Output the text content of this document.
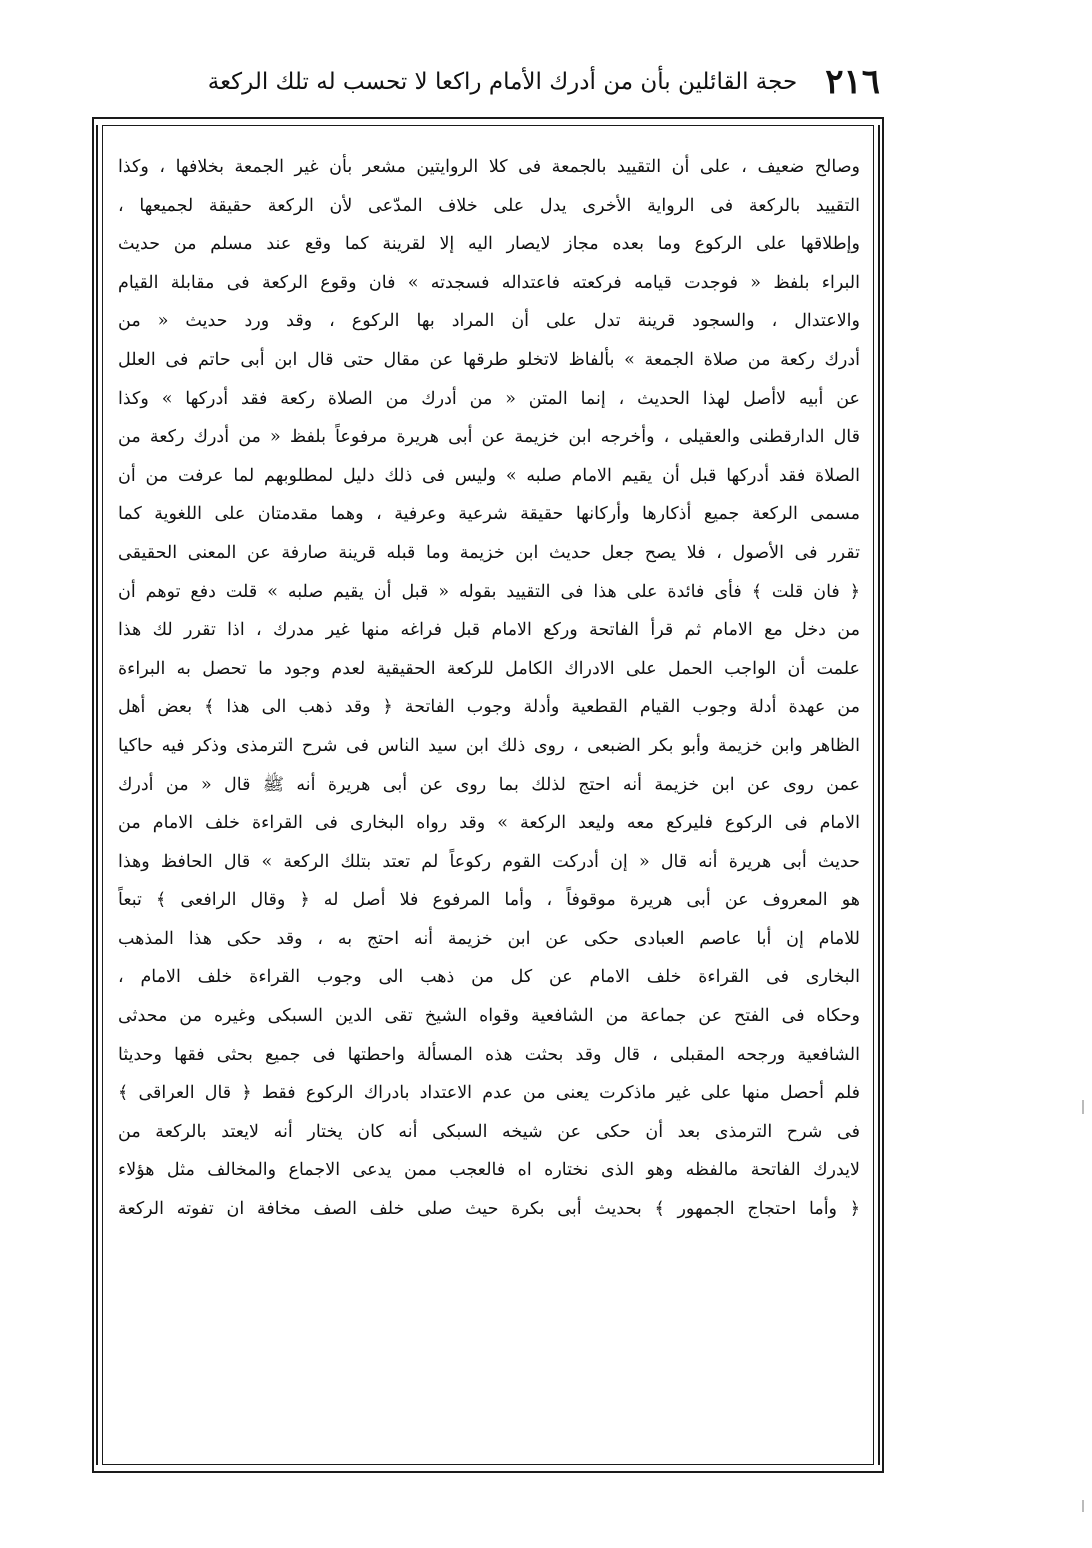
٢١٦
حجة القائلين بأن من أدرك الأمام راكعا لا تحسب له تلك الركعة
وصالح ضعيف ، على أن التقييد بالجمعة فى كلا الروايتين مشعر بأن غير الجمعة بخلافها ، وكذا
التقييد بالركعة فى الرواية الأخرى يدل على خلاف المدّعى لأن الركعة حقيقة لجميعها ،
وإطلاقها على الركوع وما بعده مجاز لايصار اليه إلا لقرينة كما وقع عند مسلم من حديث
البراء بلفظ « فوجدت قيامه فركعته فاعتداله فسجدته » فان وقوع الركعة فى مقابلة القيام
والاعتدال ، والسجود قرينة تدل على أن المراد بها الركوع ، وقد ورد حديث « من
أدرك ركعة من صلاة الجمعة » بألفاظ لاتخلو طرقها عن مقال حتى قال ابن أبى حاتم فى العلل
عن أبيه لاأصل لهذا الحديث ، إنما المتن « من أدرك من الصلاة ركعة فقد أدركها » وكذا
قال الدارقطنى والعقيلى ، وأخرجه ابن خزيمة عن أبى هريرة مرفوعاً بلفظ « من أدرك ركعة من
الصلاة فقد أدركها قبل أن يقيم الامام صلبه » وليس فى ذلك دليل لمطلوبهم لما عرفت من أن
مسمى الركعة جميع أذكارها وأركانها حقيقة شرعية وعرفية ، وهما مقدمتان على اللغوية كما
تقرر فى الأصول ، فلا يصح جعل حديث ابن خزيمة وما قبله قرينة صارفة عن المعنى الحقيقى
﴿ فان قلت ﴾ فأى فائدة على هذا فى التقييد بقوله « قبل أن يقيم صلبه » قلت دفع توهم أن
من دخل مع الامام ثم قرأ الفاتحة وركع الامام قبل فراغه منها غير مدرك ، اذا تقرر لك هذا
علمت أن الواجب الحمل على الادراك الكامل للركعة الحقيقية لعدم وجود ما تحصل به البراءة
من عهدة أدلة وجوب القيام القطعية وأدلة وجوب الفاتحة ﴿ وقد ذهب الى هذا ﴾ بعض أهل
الظاهر وابن خزيمة وأبو بكر الضبعى ، روى ذلك ابن سيد الناس فى شرح الترمذى وذكر فيه حاكيا
عمن روى عن ابن خزيمة أنه احتج لذلك بما روى عن أبى هريرة أنه ﷺ قال « من أدرك
الامام فى الركوع فليركع معه وليعد الركعة » وقد رواه البخارى فى القراءة خلف الامام من
حديث أبى هريرة أنه قال « إن أدركت القوم ركوعاً لم تعتد بتلك الركعة » قال الحافظ وهذا
هو المعروف عن أبى هريرة موقوفاً ، وأما المرفوع فلا أصل له ﴿ وقال الرافعى ﴾ تبعاً
للامام إن أبا عاصم العبادى حكى عن ابن خزيمة أنه احتج به ، وقد حكى هذا المذهب
البخارى فى القراءة خلف الامام عن كل من ذهب الى وجوب القراءة خلف الامام ،
وحكاه فى الفتح عن جماعة من الشافعية وقواه الشيخ تقى الدين السبكى وغيره من محدثى
الشافعية ورجحه المقبلى ، قال وقد بحثت هذه المسألة واحطتها فى جميع بحثى فقها وحديثا
فلم أحصل منها على غير ماذكرت يعنى من عدم الاعتداد بادراك الركوع فقط ﴿ قال العراقى ﴾
فى شرح الترمذى بعد أن حكى عن شيخه السبكى أنه كان يختار أنه لايعتد بالركعة من
لايدرك الفاتحة مالفظه وهو الذى نختاره اه فالعجب ممن يدعى الاجماع والمخالف مثل هؤلاء
﴿ وأما احتجاج الجمهور ﴾ بحديث أبى بكرة حيث صلى خلف الصف مخافة ان تفوته الركعة
